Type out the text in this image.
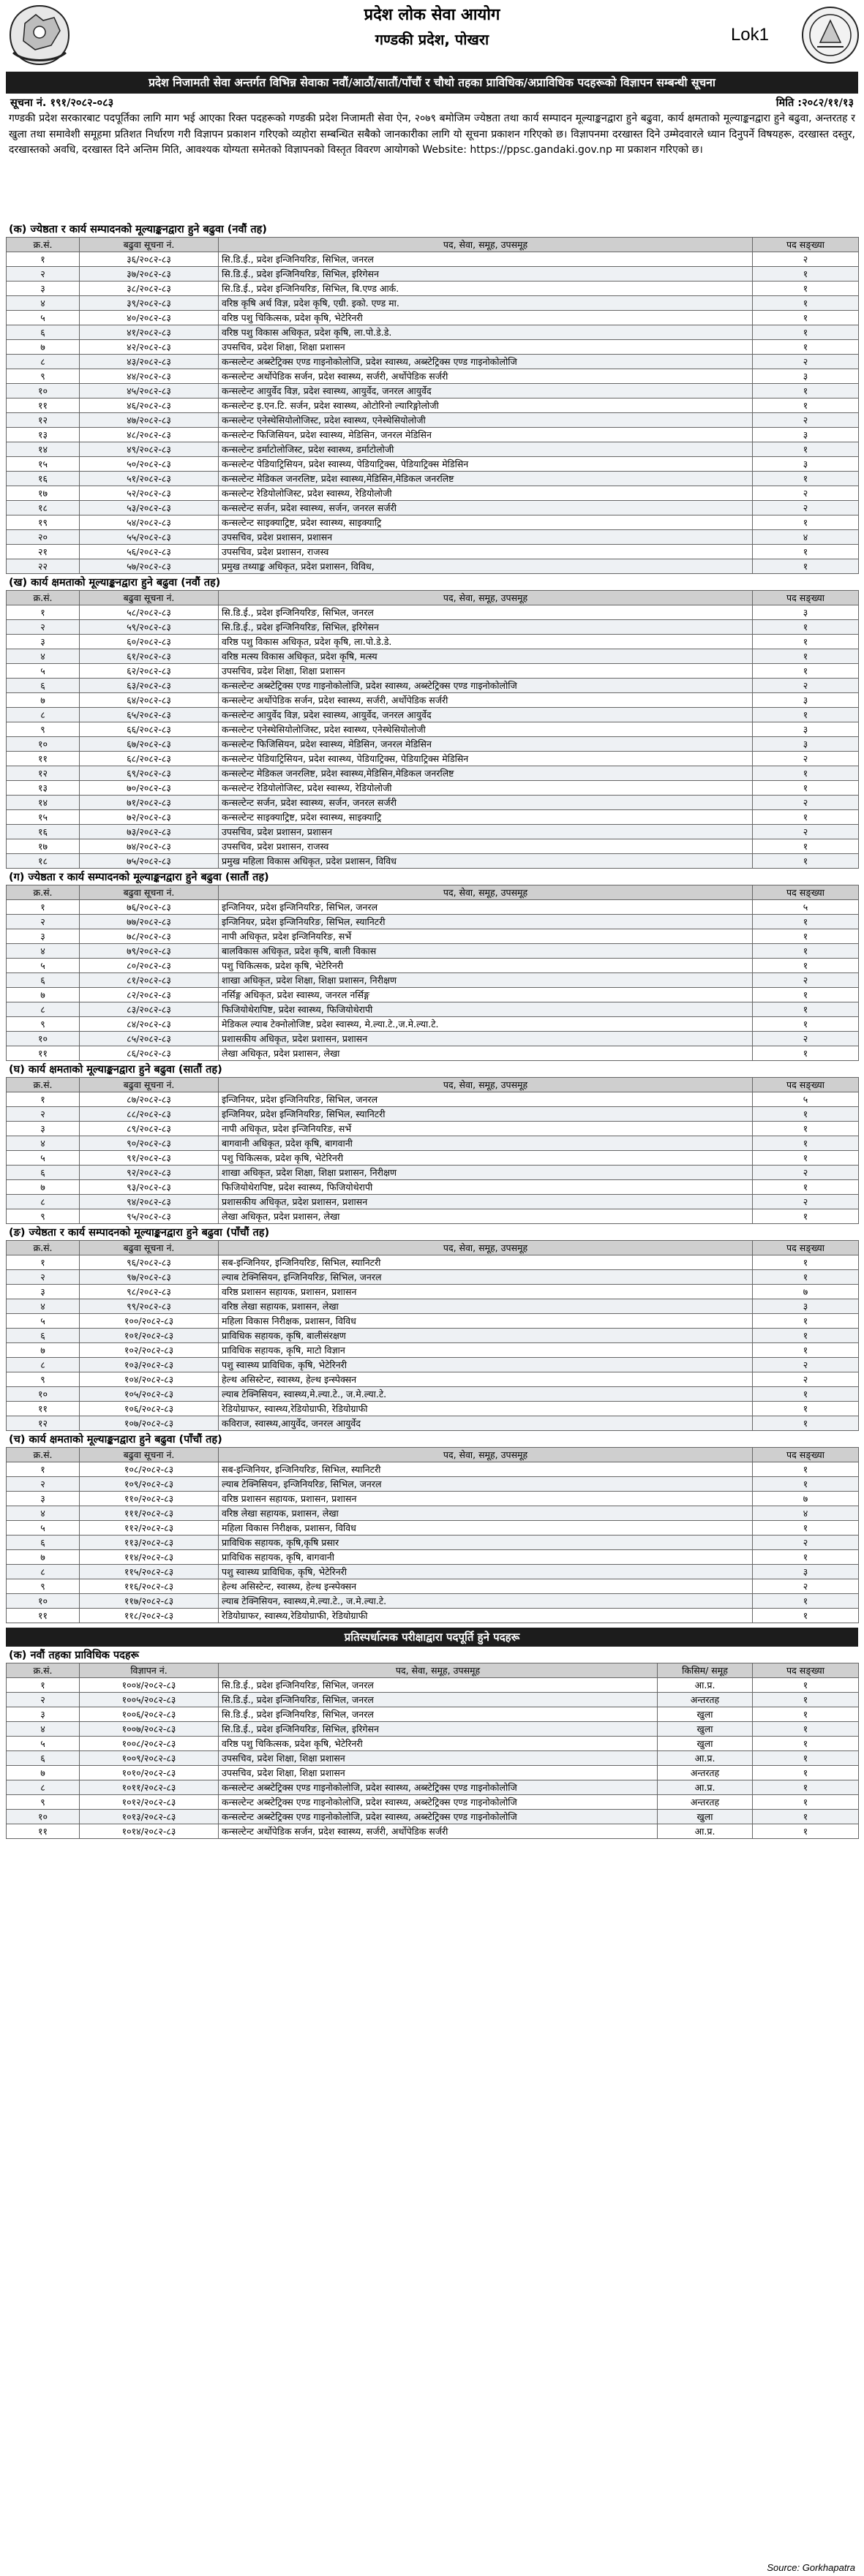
प्रदेश लोक सेवा आयोग
गण्डकी प्रदेश, पोखरा	Lok1
प्रदेश निजामती सेवा अन्तर्गत विभिन्न सेवाका नवौं/आठौं/सातौं/पाँचौं र चौथो तहका प्राविधिक/अप्राविधिक पदहरूको विज्ञापन सम्बन्धी सूचना
सूचना नं. १९१/२०८२-०८३	मिति :२०८२/११/१३
गण्डकी प्रदेश सरकारबाट पदपूर्तिका लागि माग भई आएका रिक्त पदहरूको गण्डकी प्रदेश निजामती सेवा ऐन, २०७९ बमोजिम ज्येष्ठता तथा कार्य सम्पादन मूल्याङ्कनद्वारा हुने बढुवा, कार्य क्षमताको मूल्याङ्कनद्वारा हुने बढुवा, अन्तरतह र खुला तथा समावेशी समूहमा प्रतिशत निर्धारण गरी विज्ञापन प्रकाशन गरिएको व्यहोरा सम्बन्धित सबैको जानकारीका लागि यो सूचना प्रकाशन गरिएको छ। विज्ञापनमा दरखास्त दिने उम्मेदवारले ध्यान दिनुपर्ने विषयहरू, दरखास्त दस्तुर, दरखास्तको अवधि, दरखास्त दिने अन्तिम मिति, आवश्यक योग्यता समेतको विज्ञापनको विस्तृत विवरण आयोगको Website: https://ppsc.gandaki.gov.np मा प्रकाशन गरिएको छ।
(क) ज्येष्ठता र कार्य सम्पादनको मूल्याङ्कनद्वारा हुने बढुवा (नवौं तह)
क्र.सं.	बढुवा सूचना नं.	पद, सेवा, समूह, उपसमूह	पद सङ्ख्या
१	३६/२०८२-८३	सि.डि.ई., प्रदेश इन्जिनियरिङ, सिभिल, जनरल	२
२	३७/२०८२-८३	सि.डि.ई., प्रदेश इन्जिनियरिङ, सिभिल, इरिगेसन	१
३	३८/२०८२-८३	सि.डि.ई., प्रदेश इन्जिनियरिङ, सिभिल, बि.एण्ड आर्क.	१
४	३९/२०८२-८३	वरिष्ठ कृषि अर्थ विज्ञ, प्रदेश कृषि, एग्री. इको. एण्ड मा.	१
५	४०/२०८२-८३	वरिष्ठ पशु चिकित्सक, प्रदेश कृषि, भेटेरिनरी	१
६	४१/२०८२-८३	वरिष्ठ पशु विकास अधिकृत, प्रदेश कृषि, ला.पो.डे.डे.	१
७	४२/२०८२-८३	उपसचिव, प्रदेश शिक्षा, शिक्षा प्रशासन	१
८	४३/२०८२-८३	कन्सल्टेन्ट अब्स्टेट्रिक्स एण्ड गाइनोकोलोजि, प्रदेश स्वास्थ्य, अब्स्टेट्रिक्स एण्ड गाइनोकोलोजि	२
९	४४/२०८२-८३	कन्सल्टेन्ट अर्थोपेडिक सर्जन, प्रदेश स्वास्थ्य, सर्जरी, अर्थोपेडिक सर्जरी	३
१०	४५/२०८२-८३	कन्सल्टेन्ट आयुर्वेद विज्ञ, प्रदेश स्वास्थ्य, आयुर्वेद, जनरल आयुर्वेद	१
११	४६/२०८२-८३	कन्सल्टेन्ट इ.एन.टि. सर्जन, प्रदेश स्वास्थ्य, ओटोरिनो ल्यारिङ्गोलोजी	१
१२	४७/२०८२-८३	कन्सल्टेन्ट एनेस्थेसियोलोजिस्ट, प्रदेश स्वास्थ्य, एनेस्थेसियोलोजी	२
१३	४८/२०८२-८३	कन्सल्टेन्ट फिजिसियन, प्रदेश स्वास्थ्य, मेडिसिन, जनरल मेडिसिन	३
१४	४९/२०८२-८३	कन्सल्टेन्ट डर्माटोलोजिस्ट, प्रदेश स्वास्थ्य, डर्माटोलोजी	१
१५	५०/२०८२-८३	कन्सल्टेन्ट पेडियाट्रिसियन, प्रदेश स्वास्थ्य, पेडियाट्रिक्स, पेडियाट्रिक्स मेडिसिन	३
१६	५१/२०८२-८३	कन्सल्टेन्ट मेडिकल जनरलिष्ट, प्रदेश स्वास्थ्य,मेडिसिन,मेडिकल जनरलिष्ट	१
१७	५२/२०८२-८३	कन्सल्टेन्ट रेडियोलोजिस्ट, प्रदेश स्वास्थ्य, रेडियोलोजी	२
१८	५३/२०८२-८३	कन्सल्टेन्ट सर्जन, प्रदेश स्वास्थ्य, सर्जन, जनरल सर्जरी	२
१९	५४/२०८२-८३	कन्सल्टेन्ट साइक्याट्रिष्ट, प्रदेश स्वास्थ्य, साइक्याट्रि	१
२०	५५/२०८२-८३	उपसचिव, प्रदेश प्रशासन, प्रशासन	४
२१	५६/२०८२-८३	उपसचिव, प्रदेश प्रशासन, राजस्व	१
२२	५७/२०८२-८३	प्रमुख तथ्याङ्क अधिकृत, प्रदेश प्रशासन, विविध,	१
(ख) कार्य क्षमताको मूल्याङ्कनद्वारा हुने बढुवा (नवौं तह)
क्र.सं.	बढुवा सूचना नं.	पद, सेवा, समूह, उपसमूह	पद सङ्ख्या
१	५८/२०८२-८३	सि.डि.ई., प्रदेश इन्जिनियरिङ, सिभिल, जनरल	३
२	५९/२०८२-८३	सि.डि.ई., प्रदेश इन्जिनियरिङ, सिभिल, इरिगेसन	१
३	६०/२०८२-८३	वरिष्ठ पशु विकास अधिकृत, प्रदेश कृषि, ला.पो.डे.डे.	१
४	६१/२०८२-८३	वरिष्ठ मत्स्य विकास अधिकृत, प्रदेश कृषि, मत्स्य	१
५	६२/२०८२-८३	उपसचिव, प्रदेश शिक्षा, शिक्षा प्रशासन	१
६	६३/२०८२-८३	कन्सल्टेन्ट अब्स्टेट्रिक्स एण्ड गाइनोकोलोजि, प्रदेश स्वास्थ्य, अब्स्टेट्रिक्स एण्ड गाइनोकोलोजि	२
७	६४/२०८२-८३	कन्सल्टेन्ट अर्थोपेडिक सर्जन, प्रदेश स्वास्थ्य, सर्जरी, अर्थोपेडिक सर्जरी	३
८	६५/२०८२-८३	कन्सल्टेन्ट आयुर्वेद विज्ञ, प्रदेश स्वास्थ्य, आयुर्वेद, जनरल आयुर्वेद	१
९	६६/२०८२-८३	कन्सल्टेन्ट एनेस्थेसियोलोजिस्ट, प्रदेश स्वास्थ्य, एनेस्थेसियोलोजी	३
१०	६७/२०८२-८३	कन्सल्टेन्ट फिजिसियन, प्रदेश स्वास्थ्य, मेडिसिन, जनरल मेडिसिन	३
११	६८/२०८२-८३	कन्सल्टेन्ट पेडियाट्रिसियन, प्रदेश स्वास्थ्य, पेडियाट्रिक्स, पेडियाट्रिक्स मेडिसिन	२
१२	६९/२०८२-८३	कन्सल्टेन्ट मेडिकल जनरलिष्ट, प्रदेश स्वास्थ्य,मेडिसिन,मेडिकल जनरलिष्ट	१
१३	७०/२०८२-८३	कन्सल्टेन्ट रेडियोलोजिस्ट, प्रदेश स्वास्थ्य, रेडियोलोजी	१
१४	७१/२०८२-८३	कन्सल्टेन्ट सर्जन, प्रदेश स्वास्थ्य, सर्जन, जनरल सर्जरी	२
१५	७२/२०८२-८३	कन्सल्टेन्ट साइक्याट्रिष्ट, प्रदेश स्वास्थ्य, साइक्याट्रि	१
१६	७३/२०८२-८३	उपसचिव, प्रदेश प्रशासन, प्रशासन	२
१७	७४/२०८२-८३	उपसचिव, प्रदेश प्रशासन, राजस्व	१
१८	७५/२०८२-८३	प्रमुख महिला विकास अधिकृत, प्रदेश प्रशासन, विविध	१
(ग) ज्येष्ठता र कार्य सम्पादनको मूल्याङ्कनद्वारा हुने बढुवा (सातौं तह)
क्र.सं.	बढुवा सूचना नं.	पद, सेवा, समूह, उपसमूह	पद सङ्ख्या
१	७६/२०८२-८३	इन्जिनियर, प्रदेश इन्जिनियरिङ, सिभिल, जनरल	५
२	७७/२०८२-८३	इन्जिनियर, प्रदेश इन्जिनियरिङ, सिभिल, स्यानिटरी	१
३	७८/२०८२-८३	नापी अधिकृत, प्रदेश इन्जिनियरिङ, सर्भे	१
४	७९/२०८२-८३	बालविकास अधिकृत, प्रदेश कृषि, बाली विकास	१
५	८०/२०८२-८३	पशु चिकित्सक, प्रदेश कृषि, भेटेरिनरी	१
६	८१/२०८२-८३	शाखा अधिकृत, प्रदेश शिक्षा, शिक्षा प्रशासन, निरीक्षण	२
७	८२/२०८२-८३	नर्सिङ्ग अधिकृत, प्रदेश स्वास्थ्य, जनरल नर्सिङ्ग	१
८	८३/२०८२-८३	फिजियोथेरापिष्ट, प्रदेश स्वास्थ्य, फिजियोथेरापी	१
९	८४/२०८२-८३	मेडिकल ल्याब टेक्नोलोजिष्ट, प्रदेश स्वास्थ्य, मे.ल्या.टे.,ज.मे.ल्या.टे.	१
१०	८५/२०८२-८३	प्रशासकीय अधिकृत, प्रदेश प्रशासन, प्रशासन	२
११	८६/२०८२-८३	लेखा अधिकृत, प्रदेश प्रशासन, लेखा	१
(घ) कार्य क्षमताको मूल्याङ्कनद्वारा हुने बढुवा (सातौं तह)
क्र.सं.	बढुवा सूचना नं.	पद, सेवा, समूह, उपसमूह	पद सङ्ख्या
१	८७/२०८२-८३	इन्जिनियर, प्रदेश इन्जिनियरिङ, सिभिल, जनरल	५
२	८८/२०८२-८३	इन्जिनियर, प्रदेश इन्जिनियरिङ, सिभिल, स्यानिटरी	१
३	८९/२०८२-८३	नापी अधिकृत, प्रदेश इन्जिनियरिङ, सर्भे	१
४	९०/२०८२-८३	बागवानी अधिकृत, प्रदेश कृषि, बागवानी	१
५	९१/२०८२-८३	पशु चिकित्सक, प्रदेश कृषि, भेटेरिनरी	१
६	९२/२०८२-८३	शाखा अधिकृत, प्रदेश शिक्षा, शिक्षा प्रशासन, निरीक्षण	२
७	९३/२०८२-८३	फिजियोथेरापिष्ट, प्रदेश स्वास्थ्य, फिजियोथेरापी	१
८	९४/२०८२-८३	प्रशासकीय अधिकृत, प्रदेश प्रशासन, प्रशासन	२
९	९५/२०८२-८३	लेखा अधिकृत, प्रदेश प्रशासन, लेखा	१
(ङ) ज्येष्ठता र कार्य सम्पादनको मूल्याङ्कनद्वारा हुने बढुवा (पाँचौं तह)
क्र.सं.	बढुवा सूचना नं.	पद, सेवा, समूह, उपसमूह	पद सङ्ख्या
१	९६/२०८२-८३	सब-इन्जिनियर, इन्जिनियरिङ, सिभिल, स्यानिटरी	१
२	९७/२०८२-८३	ल्याब टेक्निसियन, इन्जिनियरिङ, सिभिल, जनरल	१
३	९८/२०८२-८३	वरिष्ठ प्रशासन सहायक, प्रशासन, प्रशासन	७
४	९९/२०८२-८३	वरिष्ठ लेखा सहायक, प्रशासन, लेखा	३
५	१००/२०८२-८३	महिला विकास निरीक्षक, प्रशासन, विविध	१
६	१०१/२०८२-८३	प्राविधिक सहायक, कृषि, बालीसंरक्षण	१
७	१०२/२०८२-८३	प्राविधिक सहायक, कृषि, माटो विज्ञान	१
८	१०३/२०८२-८३	पशु स्वास्थ्य प्राविधिक, कृषि, भेटेरिनरी	२
९	१०४/२०८२-८३	हेल्थ असिस्टेन्ट, स्वास्थ्य, हेल्थ इन्स्पेक्सन	२
१०	१०५/२०८२-८३	ल्याब टेक्निसियन, स्वास्थ्य,मे.ल्या.टे., ज.मे.ल्या.टे.	१
११	१०६/२०८२-८३	रेडियोग्राफर, स्वास्थ्य,रेडियोग्राफी, रेडियोग्राफी	१
१२	१०७/२०८२-८३	कविराज, स्वास्थ्य,आयुर्वेद, जनरल आयुर्वेद	१
(च) कार्य क्षमताको मूल्याङ्कनद्वारा हुने बढुवा (पाँचौं तह)
क्र.सं.	बढुवा सूचना नं.	पद, सेवा, समूह, उपसमूह	पद सङ्ख्या
१	१०८/२०८२-८३	सब-इन्जिनियर, इन्जिनियरिङ, सिभिल, स्यानिटरी	१
२	१०९/२०८२-८३	ल्याब टेक्निसियन, इन्जिनियरिङ, सिभिल, जनरल	१
३	११०/२०८२-८३	वरिष्ठ प्रशासन सहायक, प्रशासन, प्रशासन	७
४	१११/२०८२-८३	वरिष्ठ लेखा सहायक, प्रशासन, लेखा	४
५	११२/२०८२-८३	महिला विकास निरीक्षक, प्रशासन, विविध	१
६	११३/२०८२-८३	प्राविधिक सहायक, कृषि,कृषि प्रसार	२
७	११४/२०८२-८३	प्राविधिक सहायक, कृषि, बागवानी	१
८	११५/२०८२-८३	पशु स्वास्थ्य प्राविधिक, कृषि, भेटेरिनरी	३
९	११६/२०८२-८३	हेल्थ असिस्टेन्ट, स्वास्थ्य, हेल्थ इन्स्पेक्सन	२
१०	११७/२०८२-८३	ल्याब टेक्निसियन, स्वास्थ्य,मे.ल्या.टे., ज.मे.ल्या.टे.	१
११	११८/२०८२-८३	रेडियोग्राफर, स्वास्थ्य,रेडियोग्राफी, रेडियोग्राफी	१
प्रतिस्पर्धात्मक परीक्षाद्वारा पदपूर्ति हुने पदहरू
(क) नवौं तहका प्राविधिक पदहरू
क्र.सं.	विज्ञापन नं.	पद, सेवा, समूह, उपसमूह	किसिम/ समूह	पद सङ्ख्या
१	१००४/२०८२-८३	सि.डि.ई., प्रदेश इन्जिनियरिङ, सिभिल, जनरल	आ.प्र.	१
२	१००५/२०८२-८३	सि.डि.ई., प्रदेश इन्जिनियरिङ, सिभिल, जनरल	अन्तरतह	१
३	१००६/२०८२-८३	सि.डि.ई., प्रदेश इन्जिनियरिङ, सिभिल, जनरल	खुला	१
४	१००७/२०८२-८३	सि.डि.ई., प्रदेश इन्जिनियरिङ, सिभिल, इरिगेसन	खुला	१
५	१००८/२०८२-८३	वरिष्ठ पशु चिकित्सक, प्रदेश कृषि, भेटेरिनरी	खुला	१
६	१००९/२०८२-८३	उपसचिव, प्रदेश शिक्षा, शिक्षा प्रशासन	आ.प्र.	१
७	१०१०/२०८२-८३	उपसचिव, प्रदेश शिक्षा, शिक्षा प्रशासन	अन्तरतह	१
८	१०११/२०८२-८३	कन्सल्टेन्ट अब्स्टेट्रिक्स एण्ड गाइनोकोलोजि, प्रदेश स्वास्थ्य, अब्स्टेट्रिक्स एण्ड गाइनोकोलोजि	आ.प्र.	१
९	१०१२/२०८२-८३	कन्सल्टेन्ट अब्स्टेट्रिक्स एण्ड गाइनोकोलोजि, प्रदेश स्वास्थ्य, अब्स्टेट्रिक्स एण्ड गाइनोकोलोजि	अन्तरतह	१
१०	१०१३/२०८२-८३	कन्सल्टेन्ट अब्स्टेट्रिक्स एण्ड गाइनोकोलोजि, प्रदेश स्वास्थ्य, अब्स्टेट्रिक्स एण्ड गाइनोकोलोजि	खुला	१
११	१०१४/२०८२-८३	कन्सल्टेन्ट अर्थोपेडिक सर्जन, प्रदेश स्वास्थ्य, सर्जरी, अर्थोपेडिक सर्जरी	आ.प्र.	१
Source: Gorkhapatra
